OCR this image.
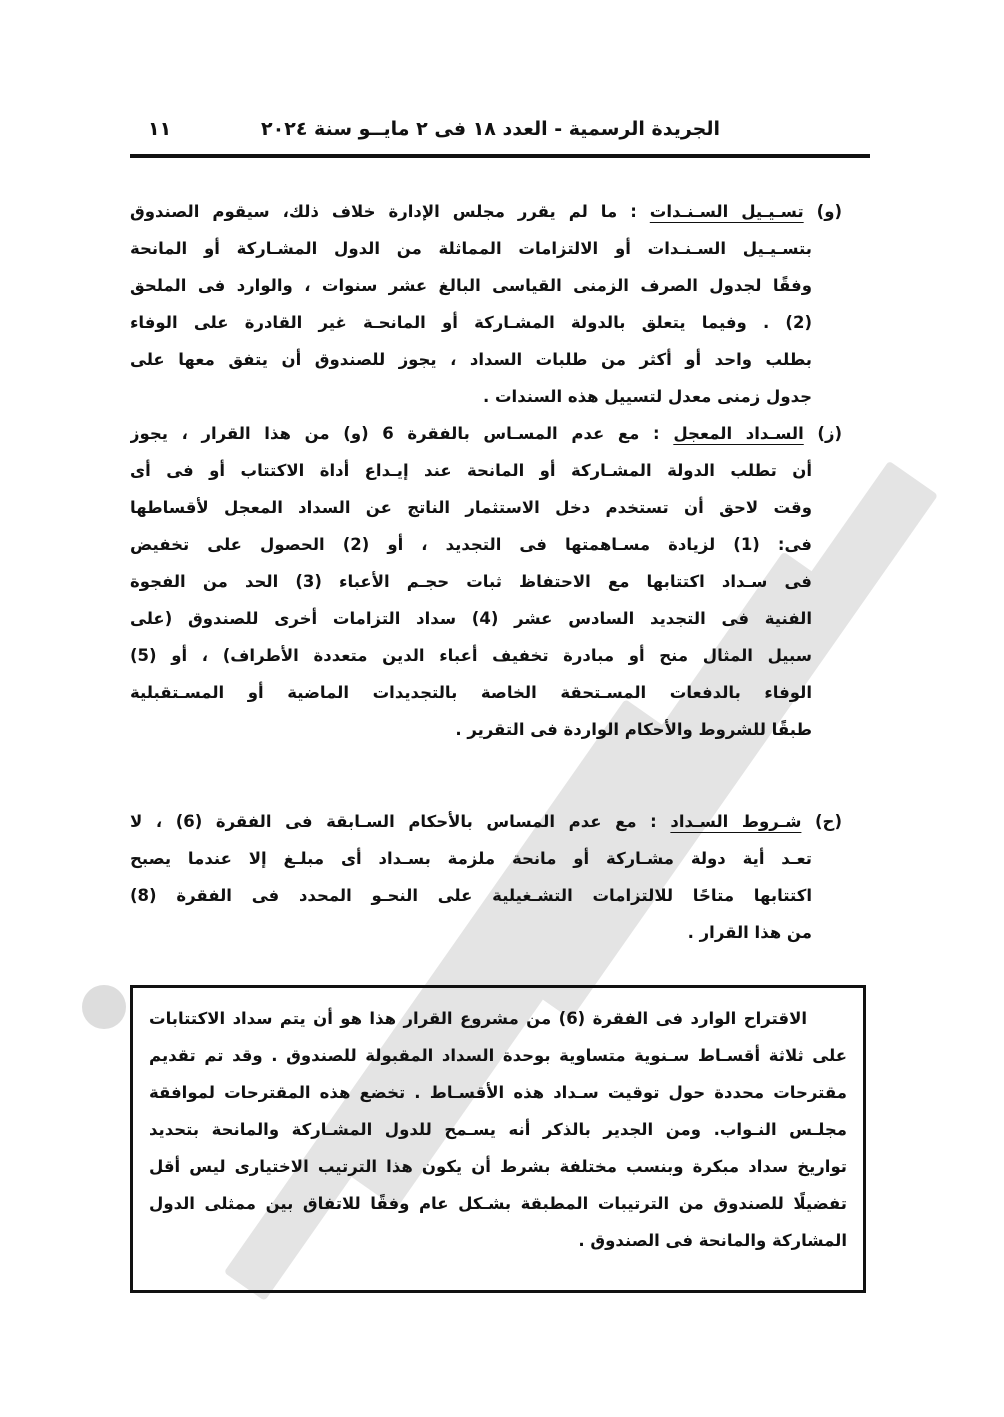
الجريدة الرسمية - العدد ١٨ فى ٢ مايــو سنة ٢٠٢٤
١١
(و) تسـيـيل السـنـدات : ما لم يقرر مجلس الإدارة خلاف ذلك، سيقوم الصندوق
بتسـيـيل السـنـدات أو الالتزامات المماثلة من الدول المشـاركة أو المانحة
وفقًا لجدول الصرف الزمنى القياسى البالغ عشر سنوات ، والوارد فى الملحق
(2) . وفيما يتعلق بالدولة المشـاركة أو المانحـة غير القادرة على الوفاء
بطلب واحد أو أكثر من طلبات السداد ، يجوز للصندوق أن يتفق معها على
جدول زمنى معدل لتسييل هذه السندات .
(ز) السـداد المعجل : مع عدم المسـاس بالفقرة 6 (و) من هذا القرار ، يجوز
أن تطلب الدولة المشـاركة أو المانحة عند إيـداع أداة الاكتتاب أو فى أى
وقت لاحق أن تستخدم دخل الاستثمار الناتج عن السداد المعجل لأقساطها
فى: (1) لزيادة مسـاهمتها فى التجديد ، أو (2) الحصول على تخفيض
فى سـداد اكتتابها مع الاحتفاظ ثبات حجـم الأعباء (3) الحد من الفجوة
الفنية فى التجديد السادس عشر (4) سداد التزامات أخرى للصندوق (على
سبيل المثال منح أو مبادرة تخفيف أعباء الدين متعددة الأطراف) ، أو (5)
الوفاء بالدفعات المسـتحقة الخاصة بالتجديدات الماضية أو المسـتقبلية
طبقًا للشروط والأحكام الواردة فى التقرير .
(ح) شـروط السـداد : مع عدم المساس بالأحكام السـابقة فى الفقرة (6) ، لا
تعـد أية دولة مشـاركة أو مانحة ملزمة بسـداد أى مبلـغ إلا عندما يصبح
اكتتابها متاحًا للالتزامات التشـغيلية على النحـو المحدد فى الفقرة (8)
من هذا القرار .
الاقتراح الوارد فى الفقرة (6) من مشروع القرار هذا هو أن يتم سداد الاكتتابات
على ثلاثة أقسـاط سـنوية متساوية بوحدة السداد المقبولة للصندوق . وقد تم تقديم
مقترحات محددة حول توقيت سـداد هذه الأقسـاط . تخضع هذه المقترحات لموافقة
مجلـس النـواب. ومن الجدير بالذكر أنه يسـمح للدول المشـاركة والمانحة بتحديد
تواريخ سداد مبكرة وبنسب مختلفة بشرط أن يكون هذا الترتيب الاختيارى ليس أقل
تفضيلًا للصندوق من الترتيبات المطبقة بشـكل عام وفقًا للاتفاق بين ممثلى الدول
المشاركة والمانحة فى الصندوق .
